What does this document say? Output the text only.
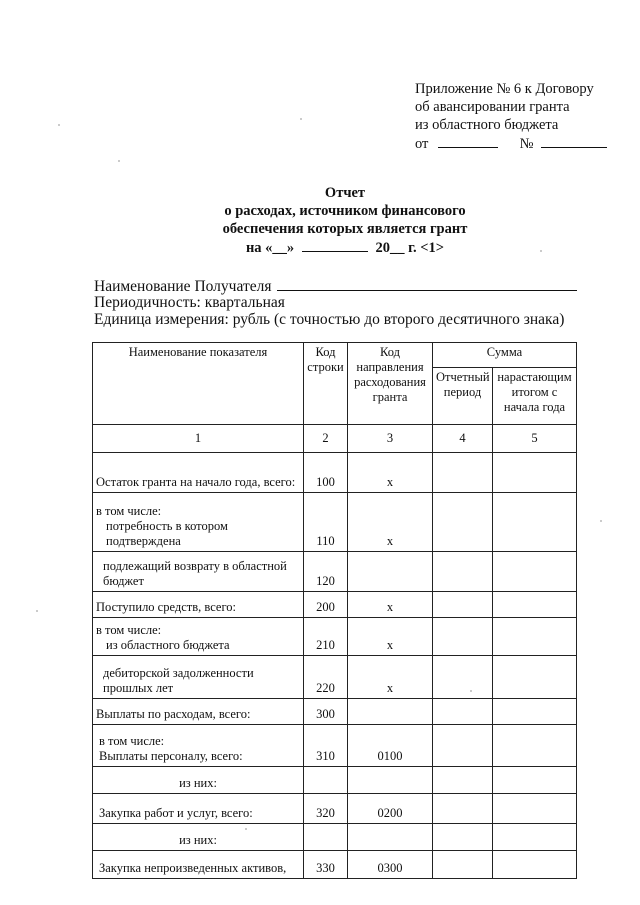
Приложение № 6 к Договору
об авансировании гранта
из областного бюджета
от	№
Отчет
о расходах, источником финансового
обеспечения которых является грант
на «__»	20__ г. <1>
Наименование Получателя
Периодичность: квартальная
Единица измерения: рубль (с точностью до второго десятичного знака)
Наименование показателя	Код строки	Код направления расходования гранта	Сумма	
			Отчетный период	нарастающим итогом с начала года
1	2	3	4	5
Остаток гранта на начало года, всего:	100	x		
в том числе:
потребность в котором подтверждена	110	x		

подлежащий возврату в областной бюджет	120			
Поступило средств, всего:	200	x		
в том числе:
из областного бюджета	210	x		

дебиторской задолженности прошлых лет	220	x		
Выплаты по расходам, всего:	300			
в том числе:
Выплаты персоналу, всего:	310	0100		
из них:				
Закупка работ и услуг, всего:	320	0200		
из них:				
Закупка непроизведенных активов,	330	0300		
